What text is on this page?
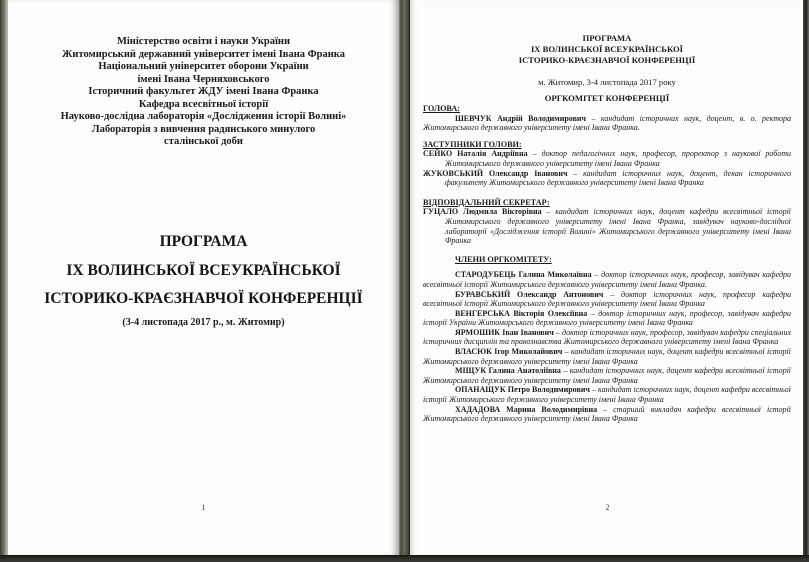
Міністерство освіти і науки України
Житомирський державний університет імені Івана Франка
Національний університет оборони України
імені Івана Черняховського
Історичний факультет ЖДУ імені Івана Франка
Кафедра всесвітньої історії
Науково-дослідна лабораторія «Дослідження історії Волині»
Лабораторія з вивчення радянського минулого
сталінської доби
ПРОГРАМА
ІХ ВОЛИНСЬКОЇ ВСЕУКРАЇНСЬКОЇ
ІСТОРИКО-КРАЄЗНАВЧОЇ КОНФЕРЕНЦІЇ
(3-4 листопада 2017 р., м. Житомир)
1
ПРОГРАМА
ІХ ВОЛИНСЬКОЇ ВСЕУКРАЇНСЬКОЇ
ІСТОРИКО-КРАЄЗНАВЧОЇ КОНФЕРЕНЦІЇ
м. Житомир, 3-4 листопада 2017 року
ОРГКОМІТЕТ КОНФЕРЕНЦІЇ
ГОЛОВА:

ШЕВЧУК Андрій Володимирович – кандидат історичних наук, доцент, в. о. ректора Житомирського державного університету імені Івана Франка.

ЗАСТУПНИКИ ГОЛОВИ:

СЕЙКО Наталія Андріївна – доктор педагогічних наук, професор, проректор з наукової роботи Житомирського державного університету імені Івана Франка

ЖУКОВСЬКИЙ Олександр Іванович – кандидат історичних наук, доцент, декан історичного факультету Житомирського державного університету імені Івана Франка

ВІДПОВІДАЛЬНИЙ СЕКРЕТАР:

ГУЦАЛО Людмила Вікторівна – кандидат історичних наук, доцент кафедри всесвітньої історії Житомирського державного університету імені Івана Франка, завідувач науково-дослідної лабораторії «Дослідження історії Волині» Житомирського державного університету імені Івана Франка

ЧЛЕНИ ОРГКОМІТЕТУ:

СТАРОДУБЕЦЬ Галина Миколаївна – доктор історичних наук, професор, завідувач кафедри всесвітньої історії Житомирського державного університету імені Івана Франка.

БУРАВСЬКИЙ Олександр Антонович – доктор історичних наук, професор кафедри всесвітньої історії Житомирського державного університету імені Івана Франка

ВЕНГЕРСЬКА Вікторія Олексіївна – доктор історичних наук, професор, завідувач кафедри історії України Житомирського державного університету імені Івана Франка

ЯРМОШИК Іван Іванович – доктор історичних наук, професор, завідувач кафедри спеціальних історичних дисциплін та правознавства Житомирського державного університету імені Івана Франка

ВЛАСЮК Ігор Миколайович – кандидат історичних наук, доцент кафедри всесвітньої історії Житомирського державного університету імені Івана Франка

МІЩУК Галина Анатоліївна – кандидат історичних наук, доцент кафедри всесвітньої історії Житомирського державного університету імені Івана Франка

ОПАНАЩУК Петро Володимирович – кандидат історичних наук, доцент кафедри всесвітньої історії Житомирського державного університету імені Івана Франка

ХАДАДОВА Марина Володимирівна – старший викладач кафедри всесвітньої історії Житомирського державного університету імені Івана Франка

2
